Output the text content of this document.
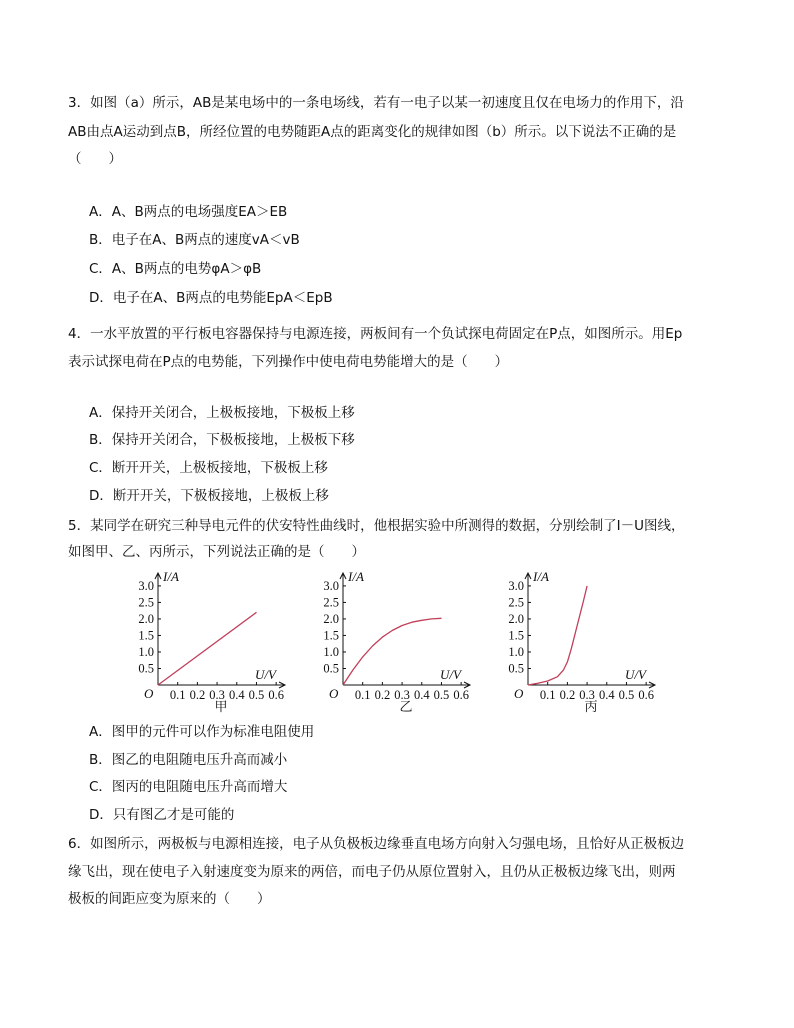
3．如图（a）所示，AB是某电场中的一条电场线，若有一电子以某一初速度且仅在电场力的作用下，沿
AB由点A运动到点B，所经位置的电势随距A点的距离变化的规律如图（b）所示。以下说法不正确的是
（　　）
A．A、B两点的电场强度EA＞EB
B．电子在A、B两点的速度vA＜vB
C．A、B两点的电势φA＞φB
D．电子在A、B两点的电势能EpA＜EpB
4．一水平放置的平行板电容器保持与电源连接，两板间有一个负试探电荷固定在P点，如图所示。用Ep
表示试探电荷在P点的电势能，下列操作中使电荷电势能增大的是（　　）
A．保持开关闭合，上极板接地，下极板上移
B．保持开关闭合，下极板接地，上极板下移
C．断开开关，上极板接地，下极板上移
D．断开开关，下极板接地，上极板上移
5．某同学在研究三种导电元件的伏安特性曲线时，他根据实验中所测得的数据，分别绘制了I－U图线，
如图甲、乙、丙所示，下列说法正确的是（　　）
0.5
1.0
1.5
2.0
2.5
3.0
0.1 0.2 0.3 0.4 0.5 0.6
O
I/A
U/V
甲
0.5
1.0
1.5
2.0
2.5
3.0
0.1 0.2 0.3 0.4 0.5 0.6
O
I/A
U/V
乙
0.5
1.0
1.5
2.0
2.5
3.0
0.1 0.2 0.3 0.4 0.5 0.6
O
I/A
U/V
丙
A．图甲的元件可以作为标准电阻使用
B．图乙的电阻随电压升高而减小
C．图丙的电阻随电压升高而增大
D．只有图乙才是可能的
6．如图所示，两极板与电源相连接，电子从负极板边缘垂直电场方向射入匀强电场，且恰好从正极板边
缘飞出，现在使电子入射速度变为原来的两倍，而电子仍从原位置射入，且仍从正极板边缘飞出，则两
极板的间距应变为原来的（　　）
